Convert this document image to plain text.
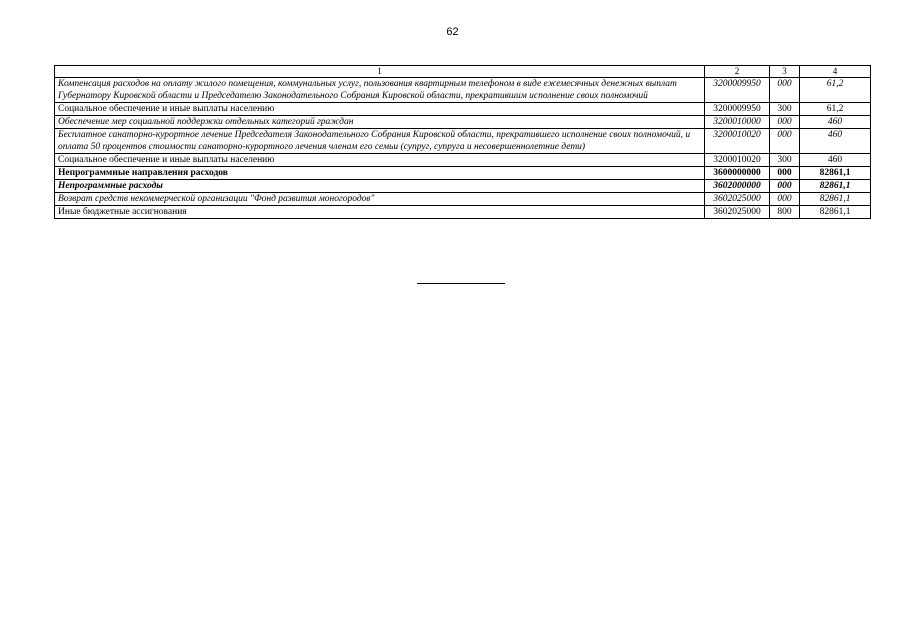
62
1	2	3	4
Компенсация расходов на оплату жилого помещения, коммунальных услуг, пользования квартирным телефоном в виде ежемесячных денежных выплат Губернатору Кировской области и Председателю Законодательного Собрания Кировской области, прекратившим исполнение своих полномочий	3200009950	000	61,2
Социальное обеспечение и иные выплаты населению	3200009950	300	61,2
Обеспечение мер социальной поддержки отдельных категорий граждан	3200010000	000	460
Бесплатное санаторно-курортное лечение Председателя Законодательного Собрания Кировской области, прекратившего исполнение своих полномочий, и оплата 50 процентов стоимости санаторно-курортного лечения членам его семьи (супруг, супруга и несовершеннолетние дети)	3200010020	000	460
Социальное обеспечение и иные выплаты населению	3200010020	300	460
Непрограммные направления расходов	3600000000	000	82861,1
Непрограммные расходы	3602000000	000	82861,1
Возврат средств некоммерческой организации "Фонд развития моногородов"	3602025000	000	82861,1
Иные бюджетные ассигнования	3602025000	800	82861,1
